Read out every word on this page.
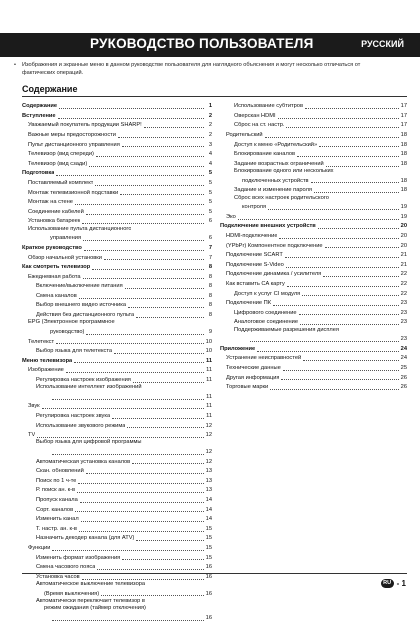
РУКОВОДСТВО ПОЛЬЗОВАТЕЛЯ	РУССКИЙ
• Изображения и экранные меню в данном руководстве пользователя для наглядного объяснения и могут несколько отличаться от фактических операций.
Содержание
Содержание	1
Вступление	2
Уважаемый покупатель продукции SHARP!	2
Важные меры предосторожности	2
Пульт дистанционного управления	3
Телевизор (вид спереди)	4
Телевизор (вид сзади)	4
Подготовка	5
Поставляемый комплект	5
Монтаж телевизионной подставки	5
Монтаж на стене	5
Соединение кабелей	5
Установка батареек	6
Использование пульта дистанционного
управления	6
Краткое руководство	7
Обзор начальной установки	7
Как смотреть телевизор	8
Ежедневная работа	8
Включение/выключение питания	8
Смена каналов	8
Выбор внешнего видео источника	8
Действия без дистанционного пульта	8
EPG (Электронное программное
руководство)	9
Телетекст	10
Выбор языка для телетекста	10
Меню телевизора	11
Изображение	11
Регулировка настроек изображения	11
Использование интеллект изображений
11
Звук	11
Регулировка настроек звука	11
Использование звукового режима	12
TV	12
Выбор языка для цифровой программы
12
Автоматическая установка каналов	12
Скан. обновлений	13
Поиск по 1 ч-те	13
Р. поиск ан. к-в	13
Пропуск канала	14
Сорт. каналов	14
Изменить канал	14
Т. настр. ан. к-в	15
Назначить декодер канала (для ATV)	15
Функции	15
Изменить формат изображения	15
Смена часового пояса	16
Установка часов	16
Автоматическое выключение телевизора
(Время выключения)	16
Автоматически переключает телевизор в
режим ожидания (таймер отключения)
16
Использование субтитров	17
Оверскан HDMI	17
Сброс на ст. настр.	17
Родительский	18
Доступ к меню «Родительский»	18
Блокирование каналов	18
Задание возрастных ограничений	18
Блокирование одного или нескольких
подключенных устройств	18
Задание и изменение пароля	18
Сброс всех настроек родительского
контроля	19
Эко	19
Подключение внешних устройств	20
HDMI-подключение	20
(YPbPr) Компонентное подключение	20
Подключение SCART	21
Подключение S-Video	21
Подключение динамика / усилителя	22
Как вставить CA карту	22
Доступ к услуг CI модуля	22
Подключение ПК	23
Цифрового соединение	23
Аналоговое соединение	23
Поддерживаемые разрешения дисплея
23
Приложение	24
Устранение неисправностей	24
Технические данные	25
Другая информация	26
Торговые марки	26
RU - 1
